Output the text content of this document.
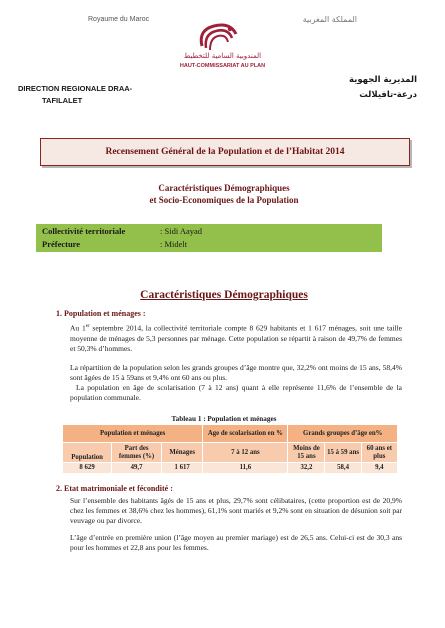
Royaume du Maroc	المملكة المغربية
المندوبية السامية للتخطيط
HAUT-COMMISSARIAT AU PLAN
DIRECTION REGIONALE DRAA-
TAFILALET
المديرية الجهوية
درعة-تافيلالت
Recensement Général de la Population et de l’Habitat 2014
Caractéristiques Démographiques
et Socio-Economiques de la Population
Collectivité territoriale	: Sidi Aayad
Préfecture	: Midelt
Caractéristiques Démographiques
1. Population et ménages :
Au 1er septembre 2014, la collectivité territoriale compte 8 629 habitants et 1 617 ménages, soit une taille moyenne de ménages de 5,3 personnes par ménage. Cette population se répartit à raison de 49,7% de femmes et 50,3% d’hommes.
La répartition de la population selon les grands groupes d’âge montre que, 32,2% ont moins de 15 ans, 58,4% sont âgées de 15 à 59ans et 9,4% ont 60 ans ou plus.
La population en âge de scolarisation (7 à 12 ans) quant à elle représente 11,6% de l’ensemble de la population communale.
Tableau 1 : Population et ménages
Population et ménages			Age de scolarisation en %	Grands groupes d’âge en%		
Population	Part des femmes (%)	Ménages	7 à 12 ans	Moins de 15 ans	15 à 59 ans	60 ans et plus
8 629	49,7	1 617	11,6	32,2	58,4	9,4
2. Etat matrimoniale et fécondité :
Sur l’ensemble des habitants âgés de 15 ans et plus, 29,7% sont célibataires, (cette proportion est de 20,9% chez les femmes et 38,6% chez les hommes), 61,1% sont mariés et 9,2% sont en situation de désunion soit par veuvage ou par divorce.
L’âge d’entrée en première union (l’âge moyen au premier mariage) est de 26,5 ans. Celui-ci est de 30,3 ans pour les hommes et 22,8 ans pour les femmes.
